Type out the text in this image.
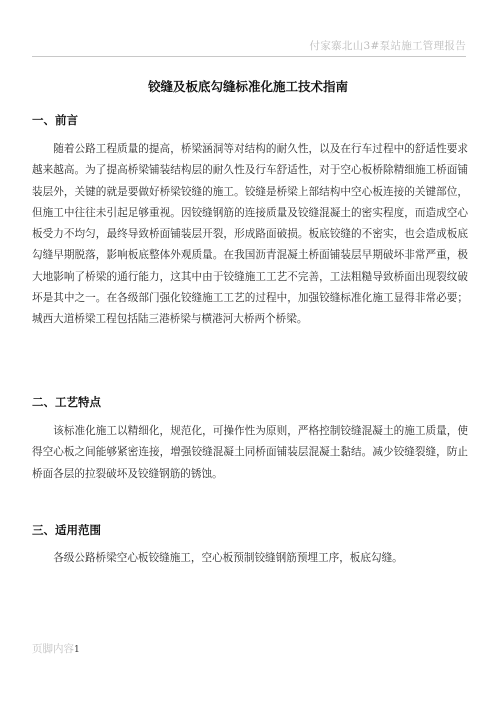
付家寨北山3#泵站施工管理报告
铰缝及板底勾缝标准化施工技术指南
一、前言
随着公路工程质量的提高，桥梁涵洞等对结构的耐久性，以及在行车过程中的舒适性要求越来越高。为了提高桥梁铺装结构层的耐久性及行车舒适性，对于空心板桥除精细施工桥面铺装层外，关键的就是要做好桥梁铰缝的施工。铰缝是桥梁上部结构中空心板连接的关键部位，但施工中往往未引起足够重视。因铰缝钢筋的连接质量及铰缝混凝土的密实程度，而造成空心板受力不均匀，最终导致桥面铺装层开裂，形成路面破损。板底铰缝的不密实，也会造成板底勾缝早期脱落，影响板底整体外观质量。在我国沥青混凝土桥面铺装层早期破坏非常严重，极大地影响了桥梁的通行能力，这其中由于铰缝施工工艺不完善，工法粗糙导致桥面出现裂纹破坏是其中之一。在各级部门强化铰缝施工工艺的过程中，加强铰缝标准化施工显得非常必要；城西大道桥梁工程包括陆三港桥梁与横港河大桥两个桥梁。
二、工艺特点
该标准化施工以精细化，规范化，可操作性为原则，严格控制铰缝混凝土的施工质量，使得空心板之间能够紧密连接，增强铰缝混凝土同桥面铺装层混凝土黏结。减少铰缝裂缝，防止桥面各层的拉裂破坏及铰缝钢筋的锈蚀。
三、适用范围
各级公路桥梁空心板铰缝施工，空心板预制铰缝钢筋预埋工序，板底勾缝。
页脚内容1
